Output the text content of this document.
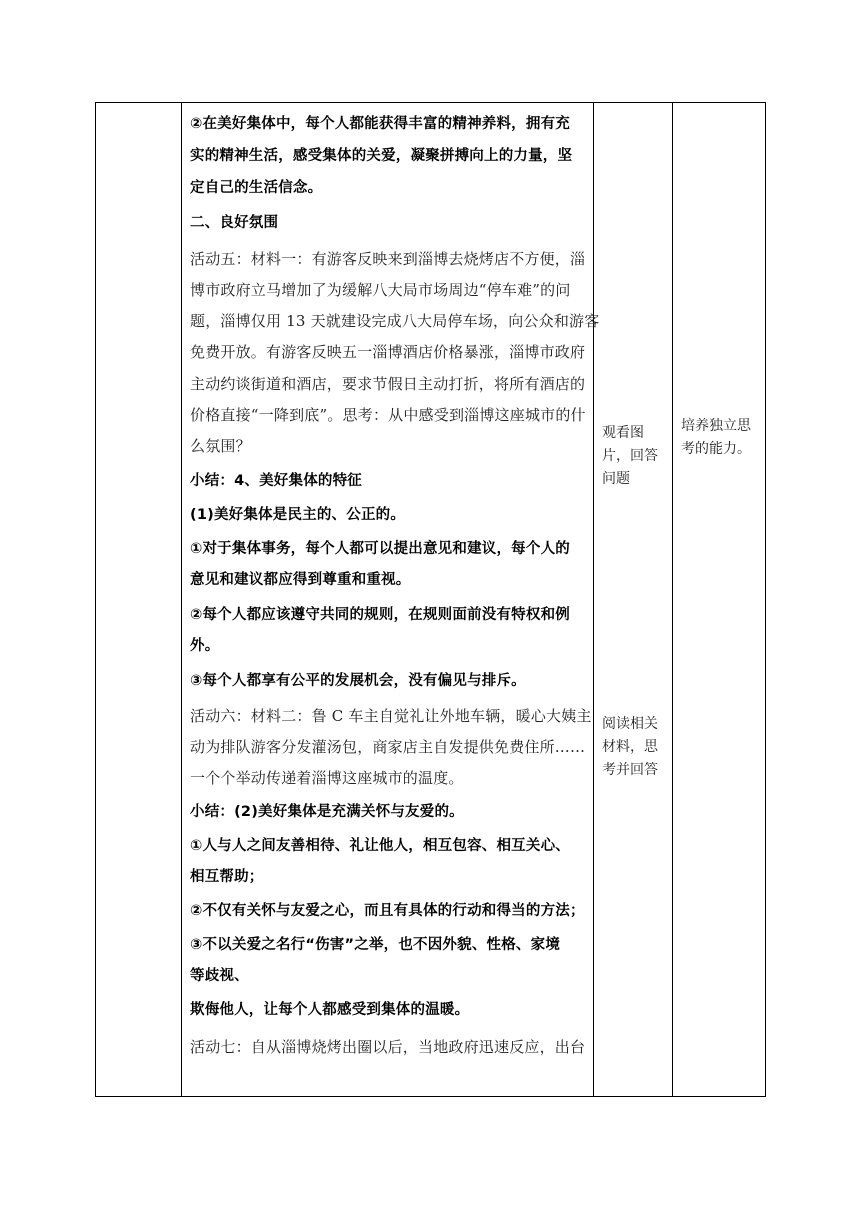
②在美好集体中，每个人都能获得丰富的精神养料，拥有充
实的精神生活，感受集体的关爱，凝聚拼搏向上的力量，坚
定自己的生活信念。
二、良好氛围
活动五：材料一：有游客反映来到淄博去烧烤店不方便，淄
博市政府立马增加了为缓解八大局市场周边“停车难”的问
题，淄博仅用 13 天就建设完成八大局停车场，向公众和游客
免费开放。有游客反映五一淄博酒店价格暴涨，淄博市政府
主动约谈街道和酒店，要求节假日主动打折，将所有酒店的
价格直接“一降到底”。思考：从中感受到淄博这座城市的什
么氛围？
小结：4、美好集体的特征
(1)美好集体是民主的、公正的。
①对于集体事务，每个人都可以提出意见和建议，每个人的
意见和建议都应得到尊重和重视。
②每个人都应该遵守共同的规则，在规则面前没有特权和例
外。
③每个人都享有公平的发展机会，没有偏见与排斥。
活动六：材料二：鲁 C 车主自觉礼让外地车辆，暖心大姨主
动为排队游客分发灌汤包，商家店主自发提供免费住所……
一个个举动传递着淄博这座城市的温度。
小结：(2)美好集体是充满关怀与友爱的。
①人与人之间友善相待、礼让他人，相互包容、相互关心、
相互帮助；
②不仅有关怀与友爱之心，而且有具体的行动和得当的方法；
③不以关爱之名行“伤害”之举，也不因外貌、性格、家境
等歧视、
欺侮他人，让每个人都感受到集体的温暖。
活动七：自从淄博烧烤出圈以后，当地政府迅速反应，出台
观看图
片，回答
问题
阅读相关
材料，思
考并回答
培养独立思
考的能力。
